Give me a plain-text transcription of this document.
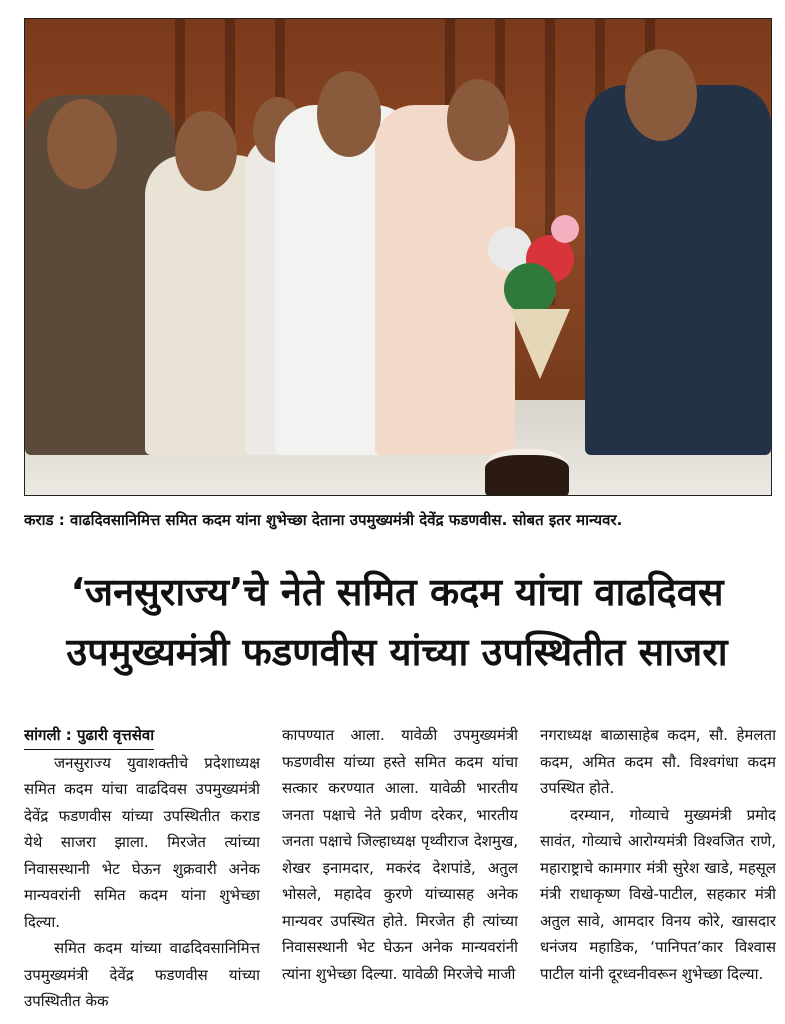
कराड : वाढदिवसानिमित्त समित कदम यांना शुभेच्छा देताना उपमुख्यमंत्री देवेंद्र फडणवीस. सोबत इतर मान्यवर.
‘जनसुराज्य’चे नेते समित कदम यांचा वाढदिवस
उपमुख्यमंत्री फडणवीस यांच्या उपस्थितीत साजरा
सांगली : पुढारी वृत्तसेवा

जनसुराज्य युवाशक्तीचे प्रदेशाध्यक्ष समित कदम यांचा वाढदिवस उपमुख्यमंत्री देवेंद्र फडणवीस यांच्या उपस्थितीत कराड येथे साजरा झाला. मिरजेत त्यांच्या निवासस्थानी भेट घेऊन शुक्रवारी अनेक मान्यवरांनी समित कदम यांना शुभेच्छा दिल्या.

समित कदम यांच्या वाढदिवसानिमित्त उपमुख्यमंत्री देवेंद्र फडणवीस यांच्या उपस्थितीत केक

कापण्यात आला. यावेळी उपमुख्यमंत्री फडणवीस यांच्या हस्ते समित कदम यांचा सत्कार करण्यात आला. यावेळी भारतीय जनता पक्षाचे नेते प्रवीण दरेकर, भारतीय जनता पक्षाचे जिल्हाध्यक्ष पृथ्वीराज देशमुख, शेखर इनामदार, मकरंद देशपांडे, अतुल भोसले, महादेव कुरणे यांच्यासह अनेक मान्यवर उपस्थित होते. मिरजेत ही त्यांच्या निवासस्थानी भेट घेऊन अनेक मान्यवरांनी त्यांना शुभेच्छा दिल्या. यावेळी मिरजेचे माजी

नगराध्यक्ष बाळासाहेब कदम, सौ. हेमलता कदम, अमित कदम सौ. विश्वगंधा कदम उपस्थित होते.

दरम्यान, गोव्याचे मुख्यमंत्री प्रमोद सावंत, गोव्याचे आरोग्यमंत्री विश्वजित राणे, महाराष्ट्राचे कामगार मंत्री सुरेश खाडे, महसूल मंत्री राधाकृष्ण विखे-पाटील, सहकार मंत्री अतुल सावे, आमदार विनय कोरे, खासदार धनंजय महाडिक, ‘पानिपत’कार विश्वास पाटील यांनी दूरध्वनीवरून शुभेच्छा दिल्या.
